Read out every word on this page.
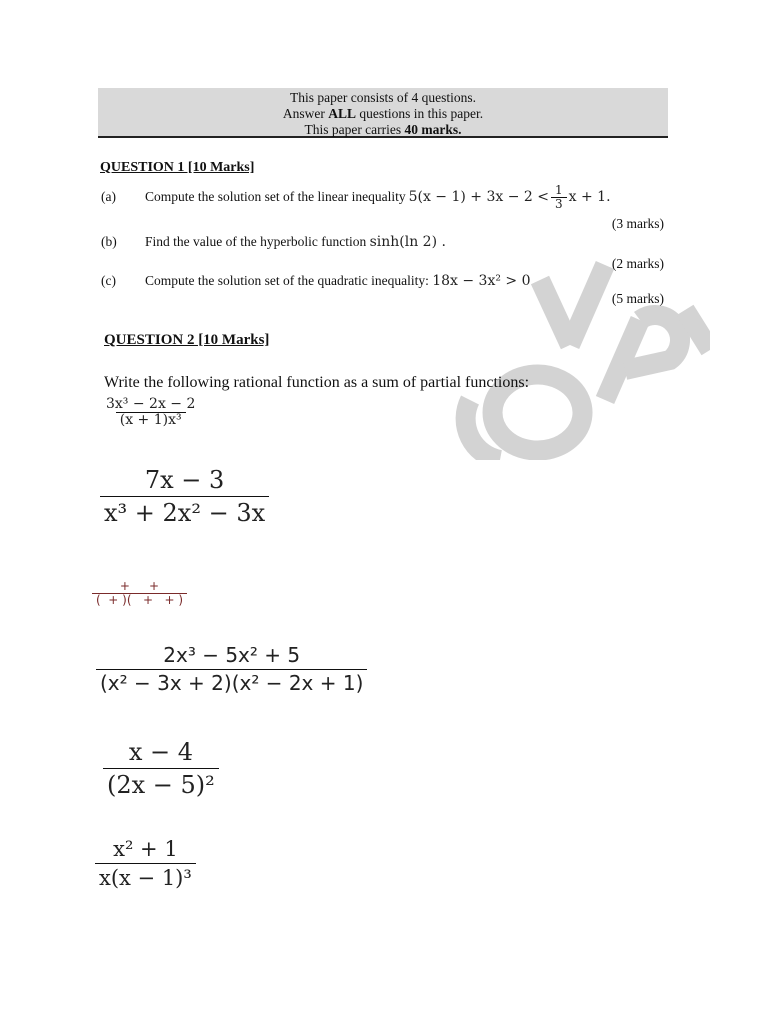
This paper consists of 4 questions.
Answer ALL questions in this paper.
This paper carries 40 marks.
QUESTION 1 [10 Marks]
(a) Compute the solution set of the linear inequality $5(x - 1) + 3x - 2 < \frac{1}{3}$ x + 1.
(3 marks)
(b) Find the value of the hyperbolic function sinh(ln 2) .
(2 marks)
(c) Compute the solution set of the quadratic inequality: 18x − 3x² > 0
(5 marks)
QUESTION 2 [10 Marks]
Write the following rational function as a sum of partial functions:
$\frac{\text{3x³ − 2x − 2}}{\text{(x + 1)x³}}$
$\frac{7x - 3}{\text{x³ + 2x² − 3x}}$
+     +
(  + )(   +   + )
$\frac{\text{2x³ − 5x² + 5}}{\text{(x² − 3x + 2)(x² − 2x + 1)}}$
$\frac{x - 4}{\text{(2x − 5)²}}$
$\frac{\text{x² + 1}}{\text{x(x − 1)³}}$
